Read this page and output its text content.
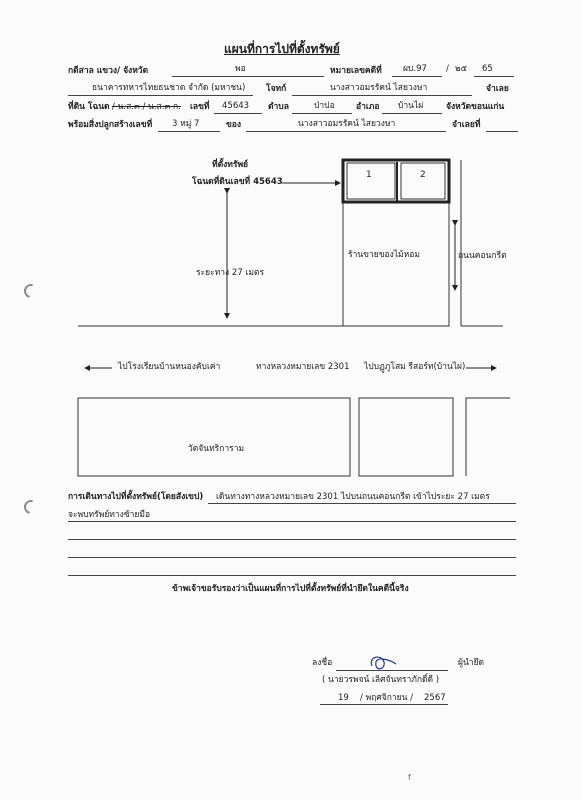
แผนที่การไปที่ตั้งทรัพย์
กดีสาล แขวง/ จังหวัด	พอ	หมายเลขคดีที่	ผบ.97 / ๒๕ 65
ธนาคารทหารไทยธนชาต จำกัด (มหาชน) โจทก์	นางสาวอมรรัคน์ ไสยวงษา	จำเลย
ที่ดิน โฉนด / น.ส.๓ / น.ส.๓ ก. เลขที่ 45643 ตำบล	ป่าปอ	อำเภอ บ้านไผ่	จังหวัดขอนแก่น
พร้อมสิ่งปลูกสร้างเลขที่ 3 หมู่ 7	ของ	นางสาวอมรรัคน์ ไสยวงษา	จำเลยที่
ที่ตั้งทรัพย์
โฉนดที่ดินเลขที่ 45643
1	2
ระยะทาง 27 เมตร
ร้านขายของไม้หอม	ถนนคอนกรีต
ไปโรงเรียนบ้านหนองคับเค่า	ทางหลวงหมายเลข 2301 ไปบฏูภูโสม รีสอร์ท(บ้านไผ่)
วัดจันทริการาม
การเดินทางไปที่ตั้งทรัพย์(โดยสังเขป) เดินทางทางหลวงหมายเลข 2301 ไปบนถนนคอนกรีต เข้าไประยะ 27 เมตร
จะพบทรัพย์ทางซ้ายมือ
ข้าพเจ้าขอรับรองว่าเป็นแผนที่การไปที่ตั้งทรัพย์ที่นำยึดในคดีนี้จริง
ลงชื่อ	ผู้นำยึด
( นายวรพจน์ เลิศจันทราภักดิ์ดี )
19 / พฤศจิกายน / 2567
f
